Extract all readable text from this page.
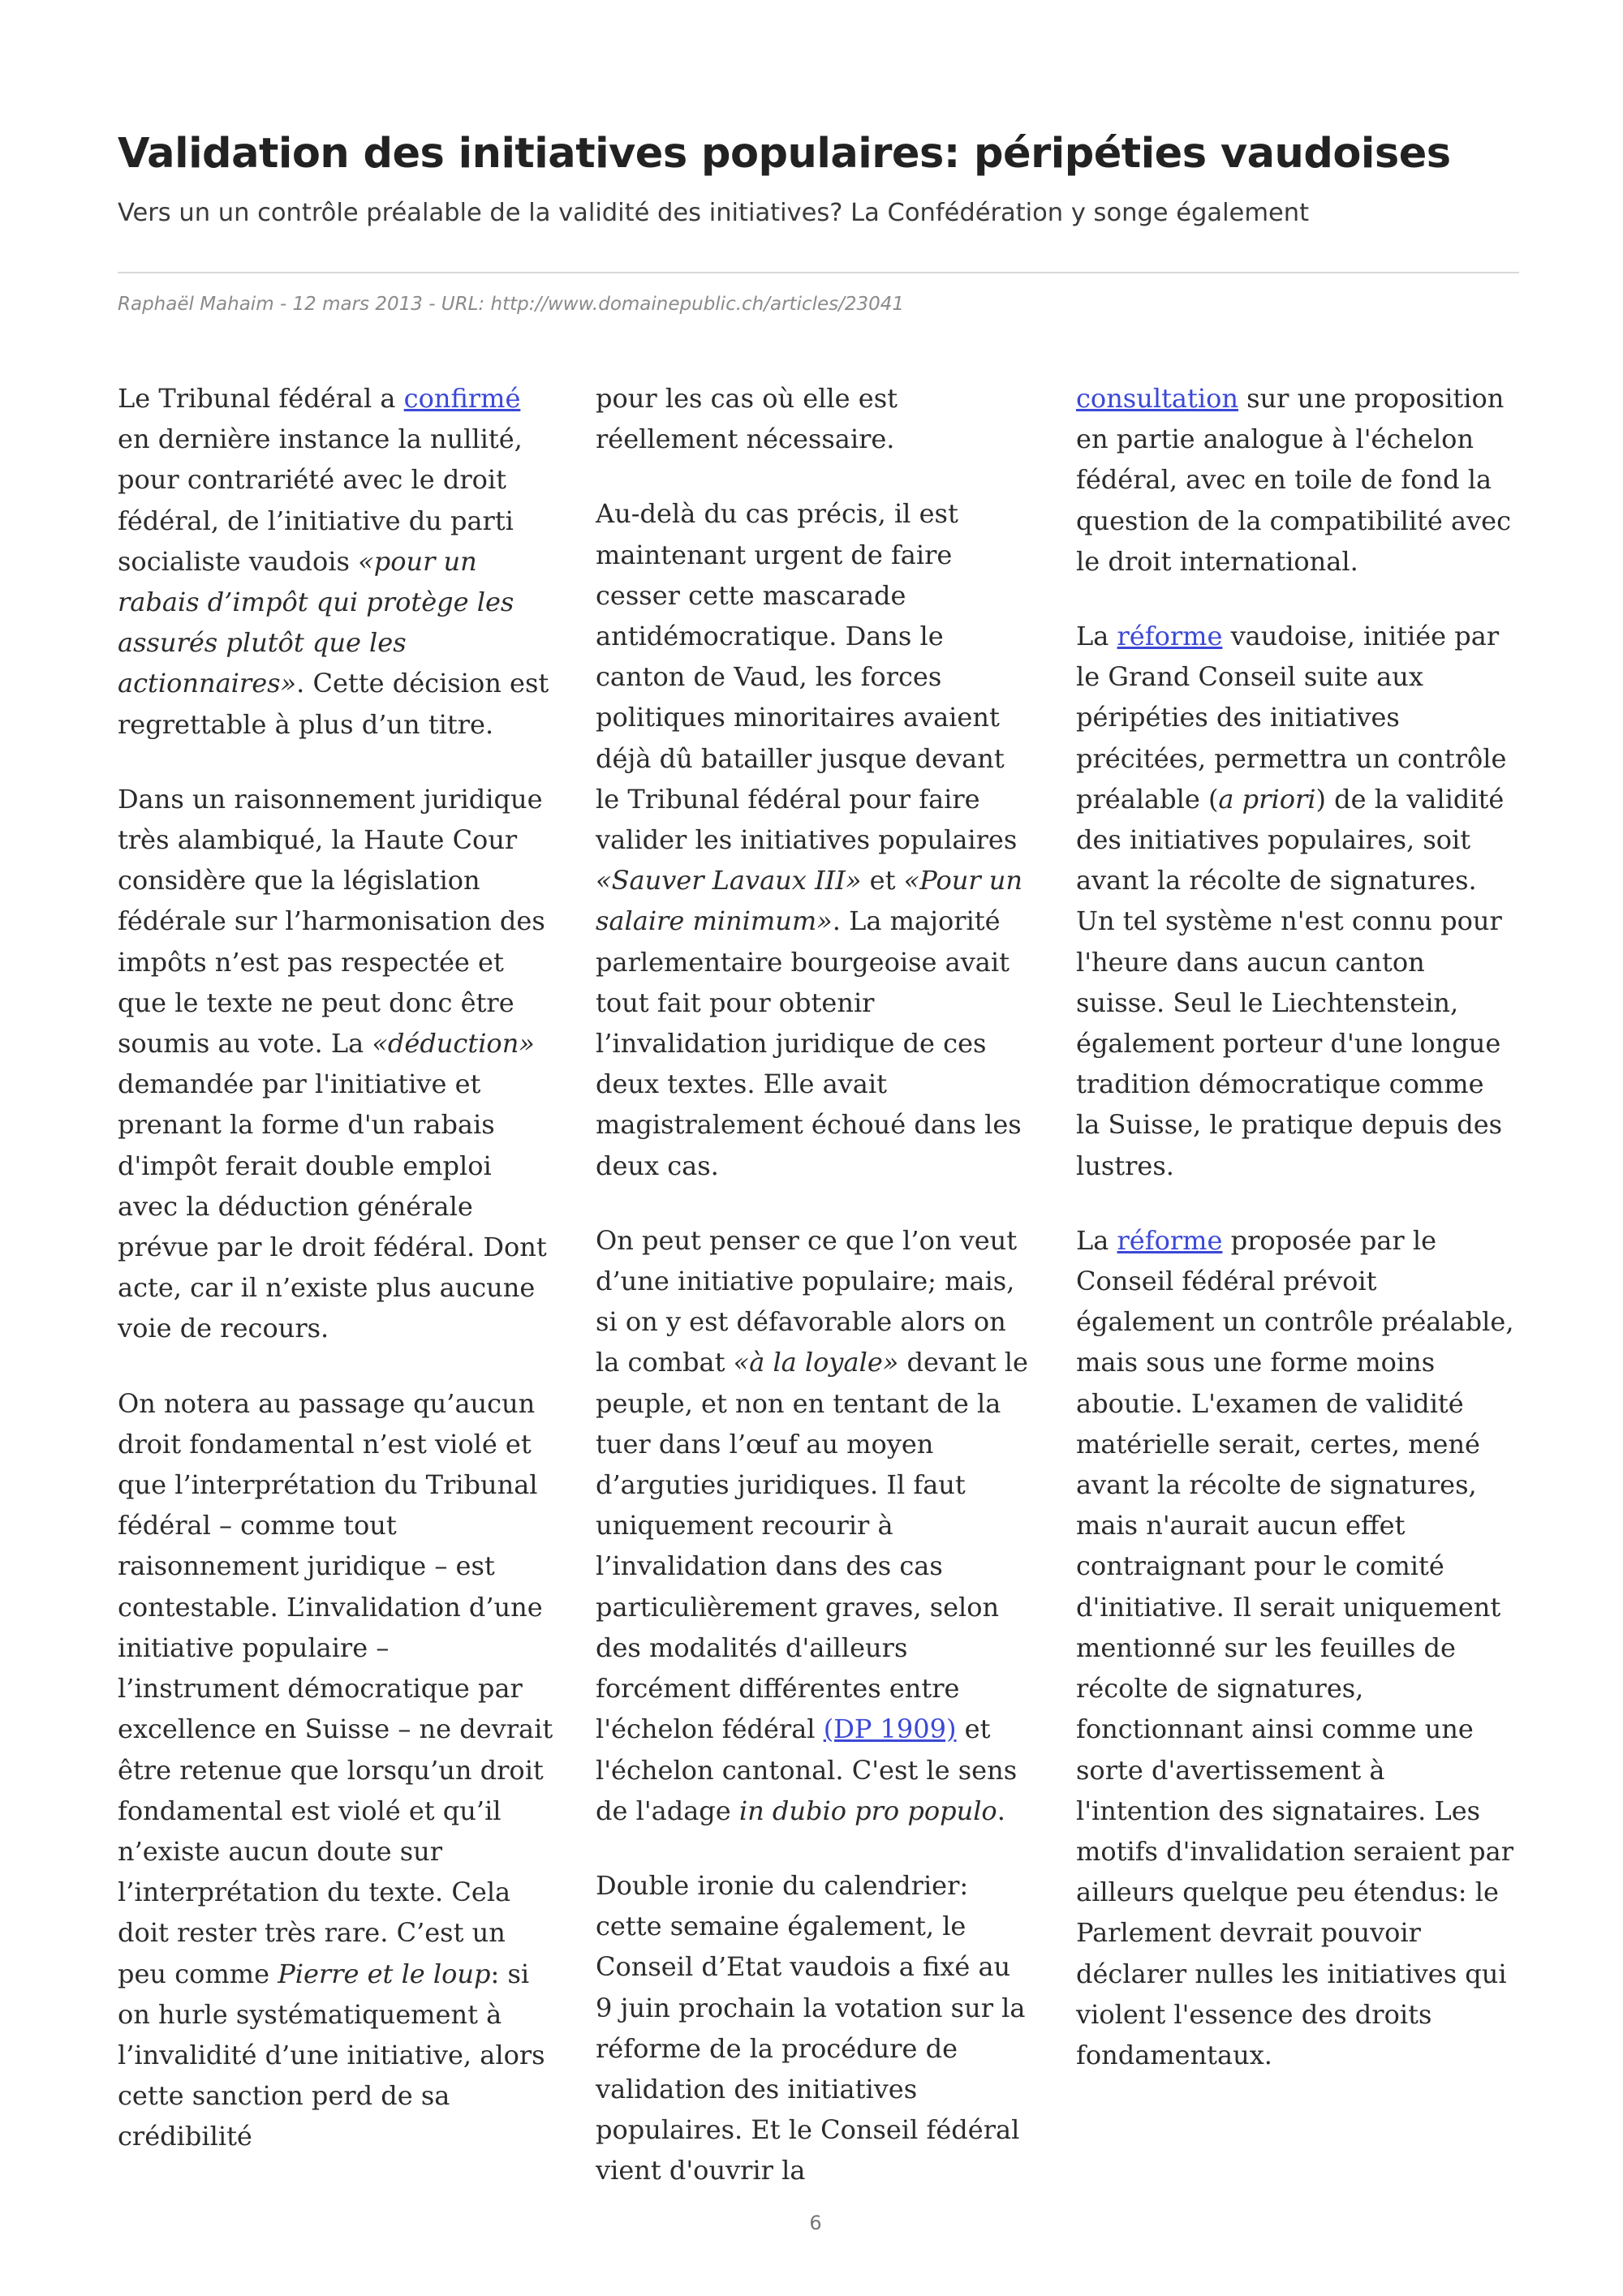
Validation des initiatives populaires: péripéties vaudoises

Vers un un contrôle préalable de la validité des initiatives? La Confédération y songe également

Raphaël Mahaim - 12 mars 2013 - URL: http://www.domainepublic.ch/articles/23041

Le Tribunal fédéral a confirmé en dernière instance la nullité, pour contrariété avec le droit fédéral, de l’initiative du parti socialiste vaudois «pour un rabais d’impôt qui protège les assurés plutôt que les actionnaires». Cette décision est regrettable à plus d’un titre.

Dans un raisonnement juridique très alambiqué, la Haute Cour considère que la législation fédérale sur l’harmonisation des impôts n’est pas respectée et que le texte ne peut donc être soumis au vote. La «déduction» demandée par l'initiative et prenant la forme d'un rabais d'impôt ferait double emploi avec la déduction générale prévue par le droit fédéral. Dont acte, car il n’existe plus aucune voie de recours.

On notera au passage qu’aucun droit fondamental n’est violé et que l’interprétation du Tribunal fédéral – comme tout raisonnement juridique – est contestable. L’invalidation d’une initiative populaire – l’instrument démocratique par excellence en Suisse – ne devrait être retenue que lorsqu’un droit fondamental est violé et qu’il n’existe aucun doute sur l’interprétation du texte. Cela doit rester très rare. C’est un peu comme Pierre et le loup: si on hurle systématiquement à l’invalidité d’une initiative, alors cette sanction perd de sa crédibilité

pour les cas où elle est réellement nécessaire.

Au-delà du cas précis, il est maintenant urgent de faire cesser cette mascarade antidémocratique. Dans le canton de Vaud, les forces politiques minoritaires avaient déjà dû batailler jusque devant le Tribunal fédéral pour faire valider les initiatives populaires «Sauver Lavaux III» et «Pour un salaire minimum». La majorité parlementaire bourgeoise avait tout fait pour obtenir l’invalidation juridique de ces deux textes. Elle avait magistralement échoué dans les deux cas.

On peut penser ce que l’on veut d’une initiative populaire; mais, si on y est défavorable alors on la combat «à la loyale» devant le peuple, et non en tentant de la tuer dans l’œuf au moyen d’arguties juridiques. Il faut uniquement recourir à l’invalidation dans des cas particulièrement graves, selon des modalités d'ailleurs forcément différentes entre l'échelon fédéral (DP 1909) et l'échelon cantonal. C'est le sens de l'adage in dubio pro populo.

Double ironie du calendrier: cette semaine également, le Conseil d’Etat vaudois a fixé au 9 juin prochain la votation sur la réforme de la procédure de validation des initiatives populaires. Et le Conseil fédéral vient d'ouvrir la

consultation sur une proposition en partie analogue à l'échelon fédéral, avec en toile de fond la question de la compatibilité avec le droit international.

La réforme vaudoise, initiée par le Grand Conseil suite aux péripéties des initiatives précitées, permettra un contrôle préalable (a priori) de la validité des initiatives populaires, soit avant la récolte de signatures. Un tel système n'est connu pour l'heure dans aucun canton suisse. Seul le Liechtenstein, également porteur d'une longue tradition démocratique comme la Suisse, le pratique depuis des lustres.

La réforme proposée par le Conseil fédéral prévoit également un contrôle préalable, mais sous une forme moins aboutie. L'examen de validité matérielle serait, certes, mené avant la récolte de signatures, mais n'aurait aucun effet contraignant pour le comité d'initiative. Il serait uniquement mentionné sur les feuilles de récolte de signatures, fonctionnant ainsi comme une sorte d'avertissement à l'intention des signataires. Les motifs d'invalidation seraient par ailleurs quelque peu étendus: le Parlement devrait pouvoir déclarer nulles les initiatives qui violent l'essence des droits fondamentaux.

6
